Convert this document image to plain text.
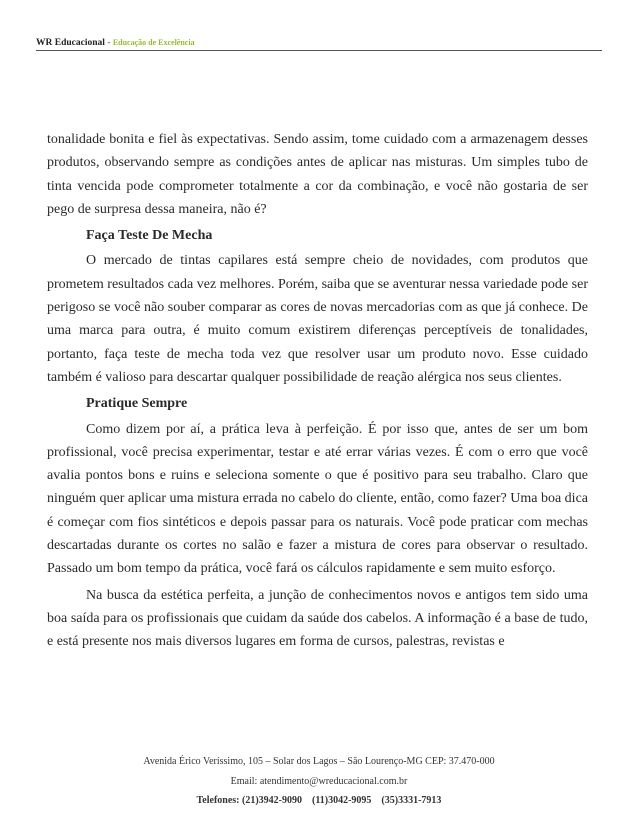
WR Educacional - Educação de Excelência

tonalidade bonita e fiel às expectativas. Sendo assim, tome cuidado com a armazenagem desses produtos, observando sempre as condições antes de aplicar nas misturas. Um simples tubo de tinta vencida pode comprometer totalmente a cor da combinação, e você não gostaria de ser pego de surpresa dessa maneira, não é?

Faça Teste De Mecha

O mercado de tintas capilares está sempre cheio de novidades, com produtos que prometem resultados cada vez melhores. Porém, saiba que se aventurar nessa variedade pode ser perigoso se você não souber comparar as cores de novas mercadorias com as que já conhece. De uma marca para outra, é muito comum existirem diferenças perceptíveis de tonalidades, portanto, faça teste de mecha toda vez que resolver usar um produto novo. Esse cuidado também é valioso para descartar qualquer possibilidade de reação alérgica nos seus clientes.

Pratique Sempre

Como dizem por aí, a prática leva à perfeição. É por isso que, antes de ser um bom profissional, você precisa experimentar, testar e até errar várias vezes. É com o erro que você avalia pontos bons e ruins e seleciona somente o que é positivo para seu trabalho. Claro que ninguém quer aplicar uma mistura errada no cabelo do cliente, então, como fazer? Uma boa dica é começar com fios sintéticos e depois passar para os naturais. Você pode praticar com mechas descartadas durante os cortes no salão e fazer a mistura de cores para observar o resultado. Passado um bom tempo da prática, você fará os cálculos rapidamente e sem muito esforço.

Na busca da estética perfeita, a junção de conhecimentos novos e antigos tem sido uma boa saída para os profissionais que cuidam da saúde dos cabelos. A informação é a base de tudo, e está presente nos mais diversos lugares em forma de cursos, palestras, revistas e

Avenida Érico Veríssimo, 105 – Solar dos Lagos – São Lourenço-MG CEP: 37.470-000
Email: atendimento@wreducacional.com.br
Telefones: (21)3942-9090    (11)3042-9095    (35)3331-7913
